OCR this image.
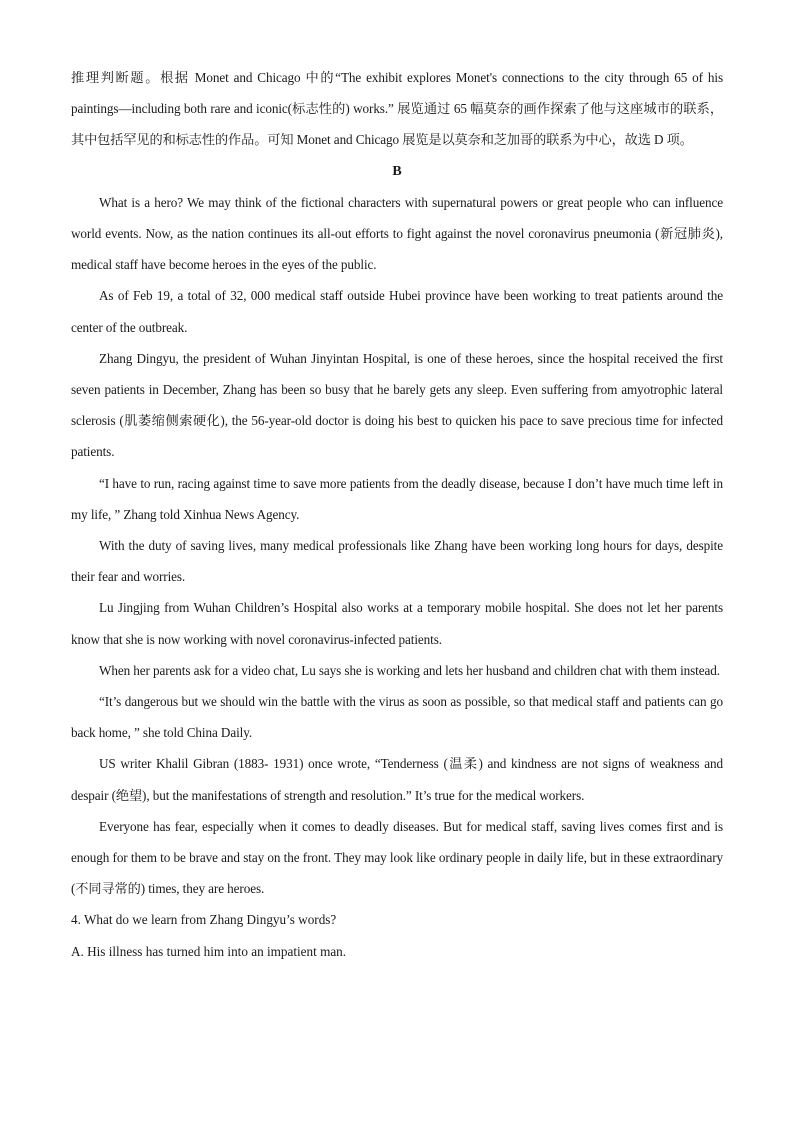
推理判断题。根据 Monet and Chicago 中的“The exhibit explores Monet's connections to the city through 65 of his paintings—including both rare and iconic(标志性的) works.” 展览通过 65 幅莫奈的画作探索了他与这座城市的联系，其中包括罕见的和标志性的作品。可知 Monet and Chicago 展览是以莫奈和芝加哥的联系为中心，故选 D 项。

B

What is a hero? We may think of the fictional characters with supernatural powers or great people who can influence world events. Now, as the nation continues its all-out efforts to fight against the novel coronavirus pneumonia (新冠肺炎), medical staff have become heroes in the eyes of the public.

As of Feb 19, a total of 32, 000 medical staff outside Hubei province have been working to treat patients around the center of the outbreak.

Zhang Dingyu, the president of Wuhan Jinyintan Hospital, is one of these heroes, since the hospital received the first seven patients in December, Zhang has been so busy that he barely gets any sleep. Even suffering from amyotrophic lateral sclerosis (肌萎缩侧索硬化), the 56-year-old doctor is doing his best to quicken his pace to save precious time for infected patients.

“I have to run, racing against time to save more patients from the deadly disease, because I don’t have much time left in my life, ” Zhang told Xinhua News Agency.

With the duty of saving lives, many medical professionals like Zhang have been working long hours for days, despite their fear and worries.

Lu Jingjing from Wuhan Children’s Hospital also works at a temporary mobile hospital. She does not let her parents know that she is now working with novel coronavirus-infected patients.

When her parents ask for a video chat, Lu says she is working and lets her husband and children chat with them instead.

“It’s dangerous but we should win the battle with the virus as soon as possible, so that medical staff and patients can go back home, ” she told China Daily.

US writer Khalil Gibran (1883- 1931) once wrote, “Tenderness (温柔) and kindness are not signs of weakness and despair (绝望), but the manifestations of strength and resolution.” It’s true for the medical workers.

Everyone has fear, especially when it comes to deadly diseases. But for medical staff, saving lives comes first and is enough for them to be brave and stay on the front. They may look like ordinary people in daily life, but in these extraordinary (不同寻常的) times, they are heroes.

4. What do we learn from Zhang Dingyu’s words?

A. His illness has turned him into an impatient man.
